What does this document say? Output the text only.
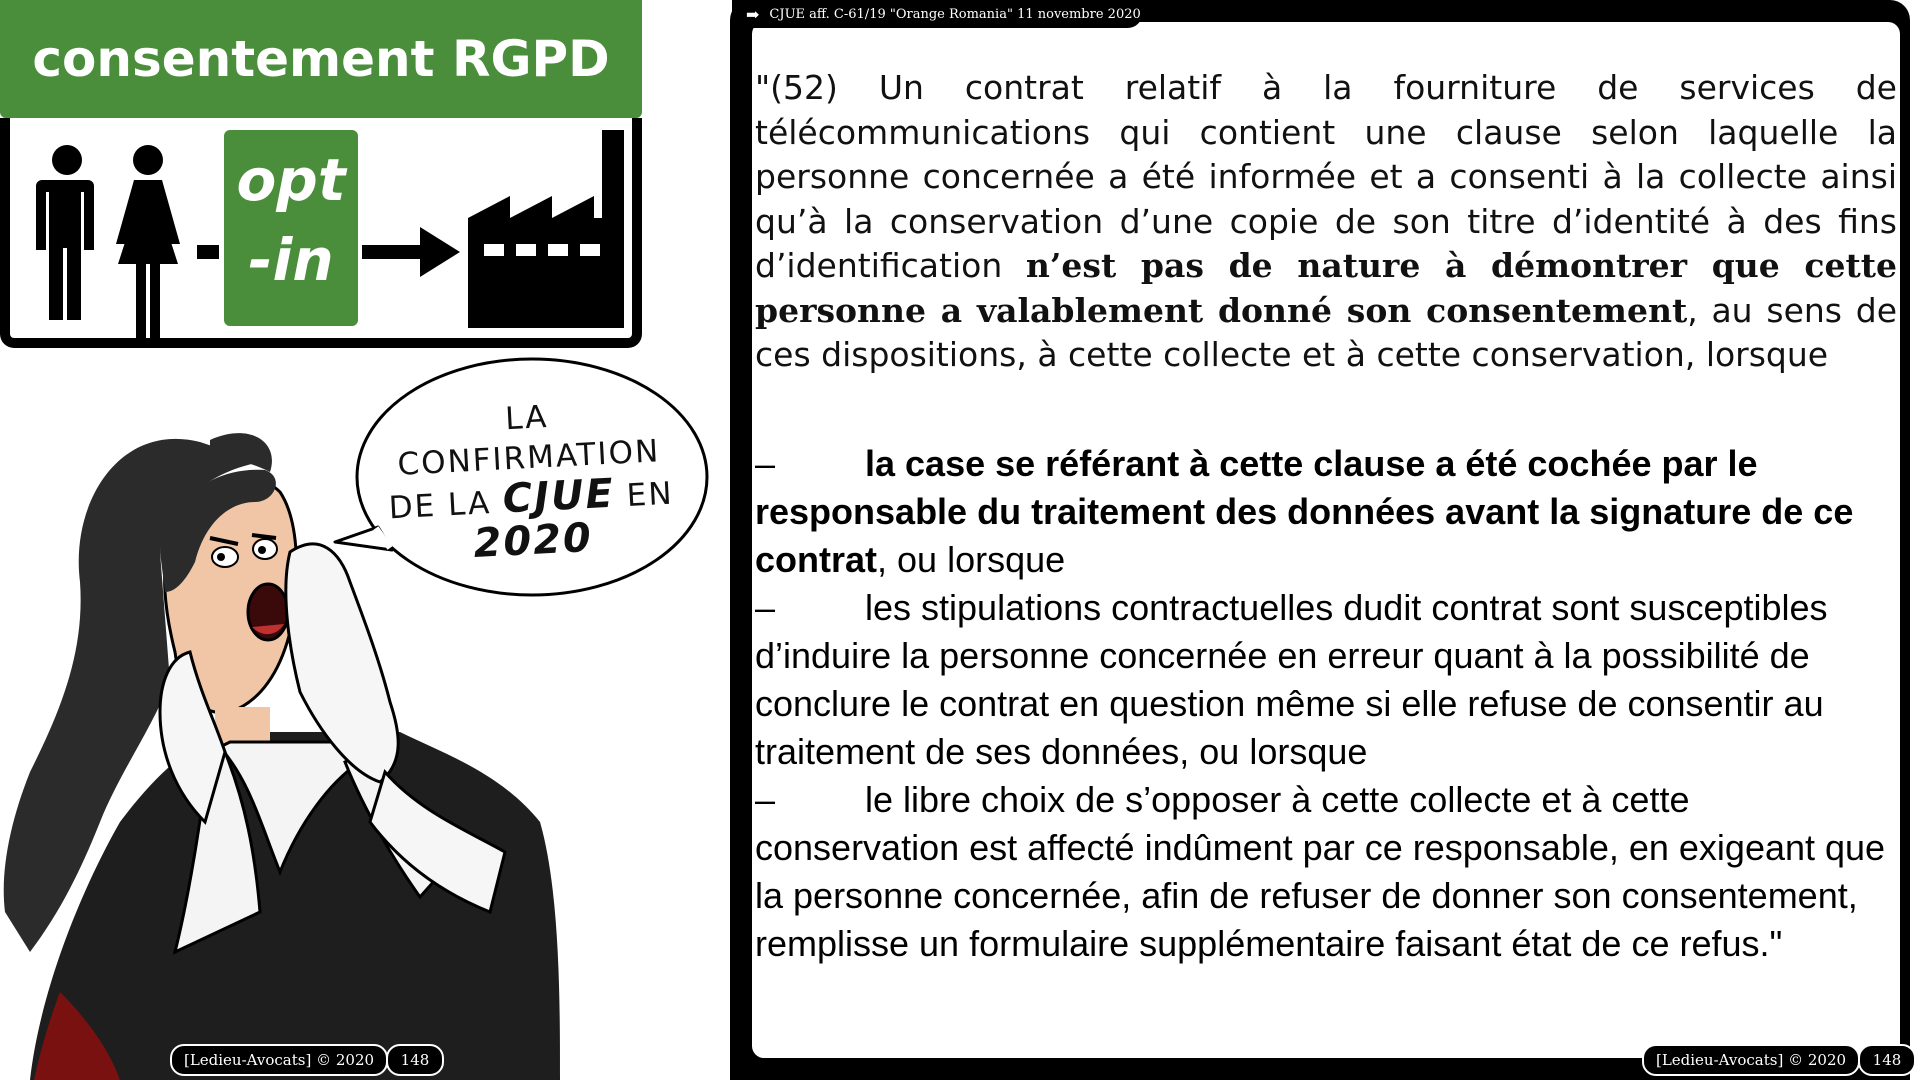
consentement RGPD
opt
-in
LA
CONFIRMATION
DE LA CJUE EN
2020
[Ledieu-Avocats] © 2020	148
➡ CJUE aff. C-61/19 "Orange Romania" 11 novembre 2020

"(52) Un contrat relatif à la fourniture de services de télécommunications qui contient une clause selon laquelle la personne concernée a été informée et a consenti à la collecte ainsi qu’à la conservation d’une copie de son titre d’identité à des fins d’identification n’est pas de nature à démontrer que cette personne a valablement donné son consentement, au sens de ces dispositions, à cette collecte et à cette conservation, lorsque

– la case se référant à cette clause a été cochée par le responsable du traitement des données avant la signature de ce contrat, ou lorsque

– les stipulations contractuelles dudit contrat sont susceptibles d’induire la personne concernée en erreur quant à la possibilité de conclure le contrat en question même si elle refuse de consentir au traitement de ses données, ou lorsque

– le libre choix de s’opposer à cette collecte et à cette conservation est affecté indûment par ce responsable, en exigeant que la personne concernée, afin de refuser de donner son consentement, remplisse un formulaire supplémentaire faisant état de ce refus."

[Ledieu-Avocats] © 2020	148
